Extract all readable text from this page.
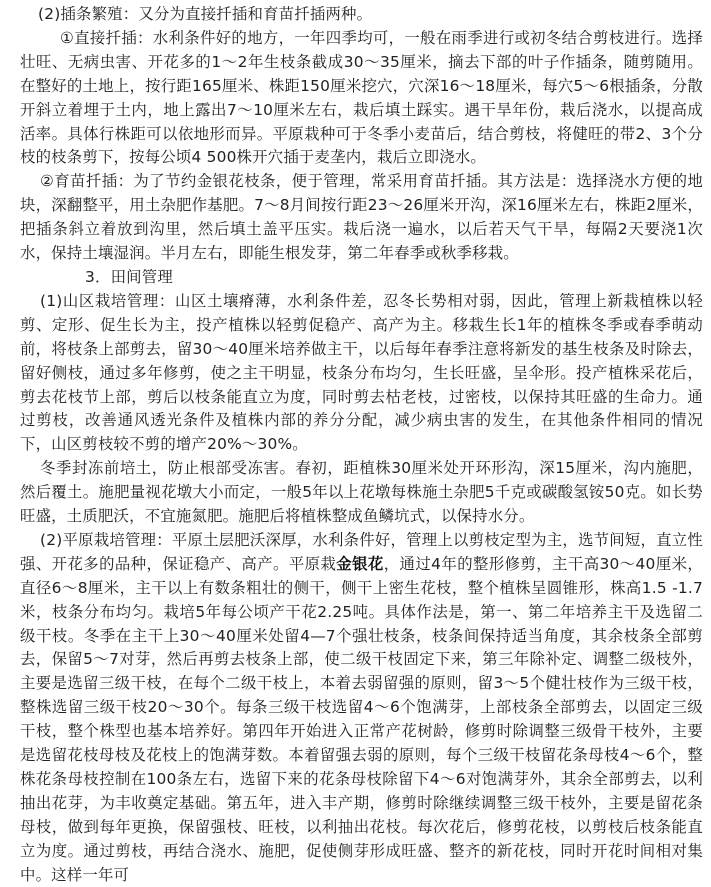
(2)插条繁殖：又分为直接扦插和育苗扦插两种。

①直接扦插：水利条件好的地方，一年四季均可，一般在雨季进行或初冬结合剪枝进行。选择壮旺、无病虫害、开花多的1～2年生枝条截成30～35厘米，摘去下部的叶子作插条，随剪随用。在整好的土地上，按行距165厘米、株距150厘米挖穴，穴深16～18厘米，每穴5～6根插条，分散开斜立着埋于土内，地上露出7～10厘米左右，栽后填土踩实。遇干旱年份，栽后浇水，以提高成活率。具体行株距可以依地形而异。平原栽种可于冬季小麦苗后，结合剪枝，将健旺的带2、3个分枝的枝条剪下，按每公顷4 500株开穴插于麦垄内，栽后立即浇水。

②育苗扦插：为了节约金银花枝条，便于管理，常采用育苗扦插。其方法是：选择浇水方便的地块，深翻整平，用土杂肥作基肥。7～8月间按行距23～26厘米开沟，深16厘米左右，株距2厘米，把插条斜立着放到沟里，然后填土盖平压实。栽后浇一遍水，以后若天气干旱，每隔2天要浇1次水，保持土壤湿润。半月左右，即能生根发芽，第二年春季或秋季移栽。

3．田间管理

(1)山区栽培管理：山区土壤瘠薄，水利条件差，忍冬长势相对弱，因此，管理上新栽植株以轻剪、定形、促生长为主，投产植株以轻剪促稳产、高产为主。移栽生长1年的植株冬季或春季萌动前，将枝条上部剪去，留30～40厘米培养做主干，以后每年春季注意将新发的基生枝条及时除去，留好侧枝，通过多年修剪，使之主干明显，枝条分布均匀，生长旺盛，呈伞形。投产植株采花后，剪去花枝节上部，剪后以枝条能直立为度，同时剪去枯老枝，过密枝，以保持其旺盛的生命力。通过剪枝，改善通风透光条件及植株内部的养分分配，减少病虫害的发生，在其他条件相同的情况下，山区剪枝较不剪的增产20%～30%。

冬季封冻前培土，防止根部受冻害。春初，距植株30厘米处开环形沟，深15厘米，沟内施肥，然后覆土。施肥量视花墩大小而定，一般5年以上花墩每株施土杂肥5千克或碳酸氢铵50克。如长势旺盛，土质肥沃，不宜施氮肥。施肥后将植株整成鱼鳞坑式，以保持水分。

(2)平原栽培管理：平原土层肥沃深厚，水利条件好，管理上以剪枝定型为主，选节间短，直立性强、开花多的品种，保证稳产、高产。平原栽金银花，通过4年的整形修剪，主干高30～40厘米，直径6～8厘米，主干以上有数条粗壮的侧干，侧干上密生花枝，整个植株呈圆锥形，株高1.5 -1.7米，枝条分布均匀。栽培5年每公顷产干花2.25吨。具体作法是，第一、第二年培养主干及选留二级干枝。冬季在主干上30～40厘米处留4—7个强壮枝条，枝条间保持适当角度，其余枝条全部剪去，保留5～7对芽，然后再剪去枝条上部，使二级干枝固定下来，第三年除补定、调整二级枝外，主要是选留三级干枝，在每个二级干枝上，本着去弱留强的原则，留3～5个健壮枝作为三级干枝，整株选留三级干枝20～30个。每条三级干枝选留4～6个饱满芽，上部枝条全部剪去，以固定三级干枝，整个株型也基本培养好。第四年开始进入正常产花树龄，修剪时除调整三级骨干枝外，主要是选留花枝母枝及花枝上的饱满芽数。本着留强去弱的原则，每个三级干枝留花条母枝4～6个，整株花条母枝控制在100条左右，选留下来的花条母枝除留下4～6对饱满芽外，其余全部剪去，以利抽出花芽，为丰收奠定基础。第五年，进入丰产期，修剪时除继续调整三级干枝外，主要是留花条母枝，做到每年更换，保留强枝、旺枝，以利抽出花枝。每次花后，修剪花枝，以剪枝后枝条能直立为度。通过剪枝，再结合浇水、施肥，促使侧芽形成旺盛、整齐的新花枝，同时开花时间相对集中。这样一年可
